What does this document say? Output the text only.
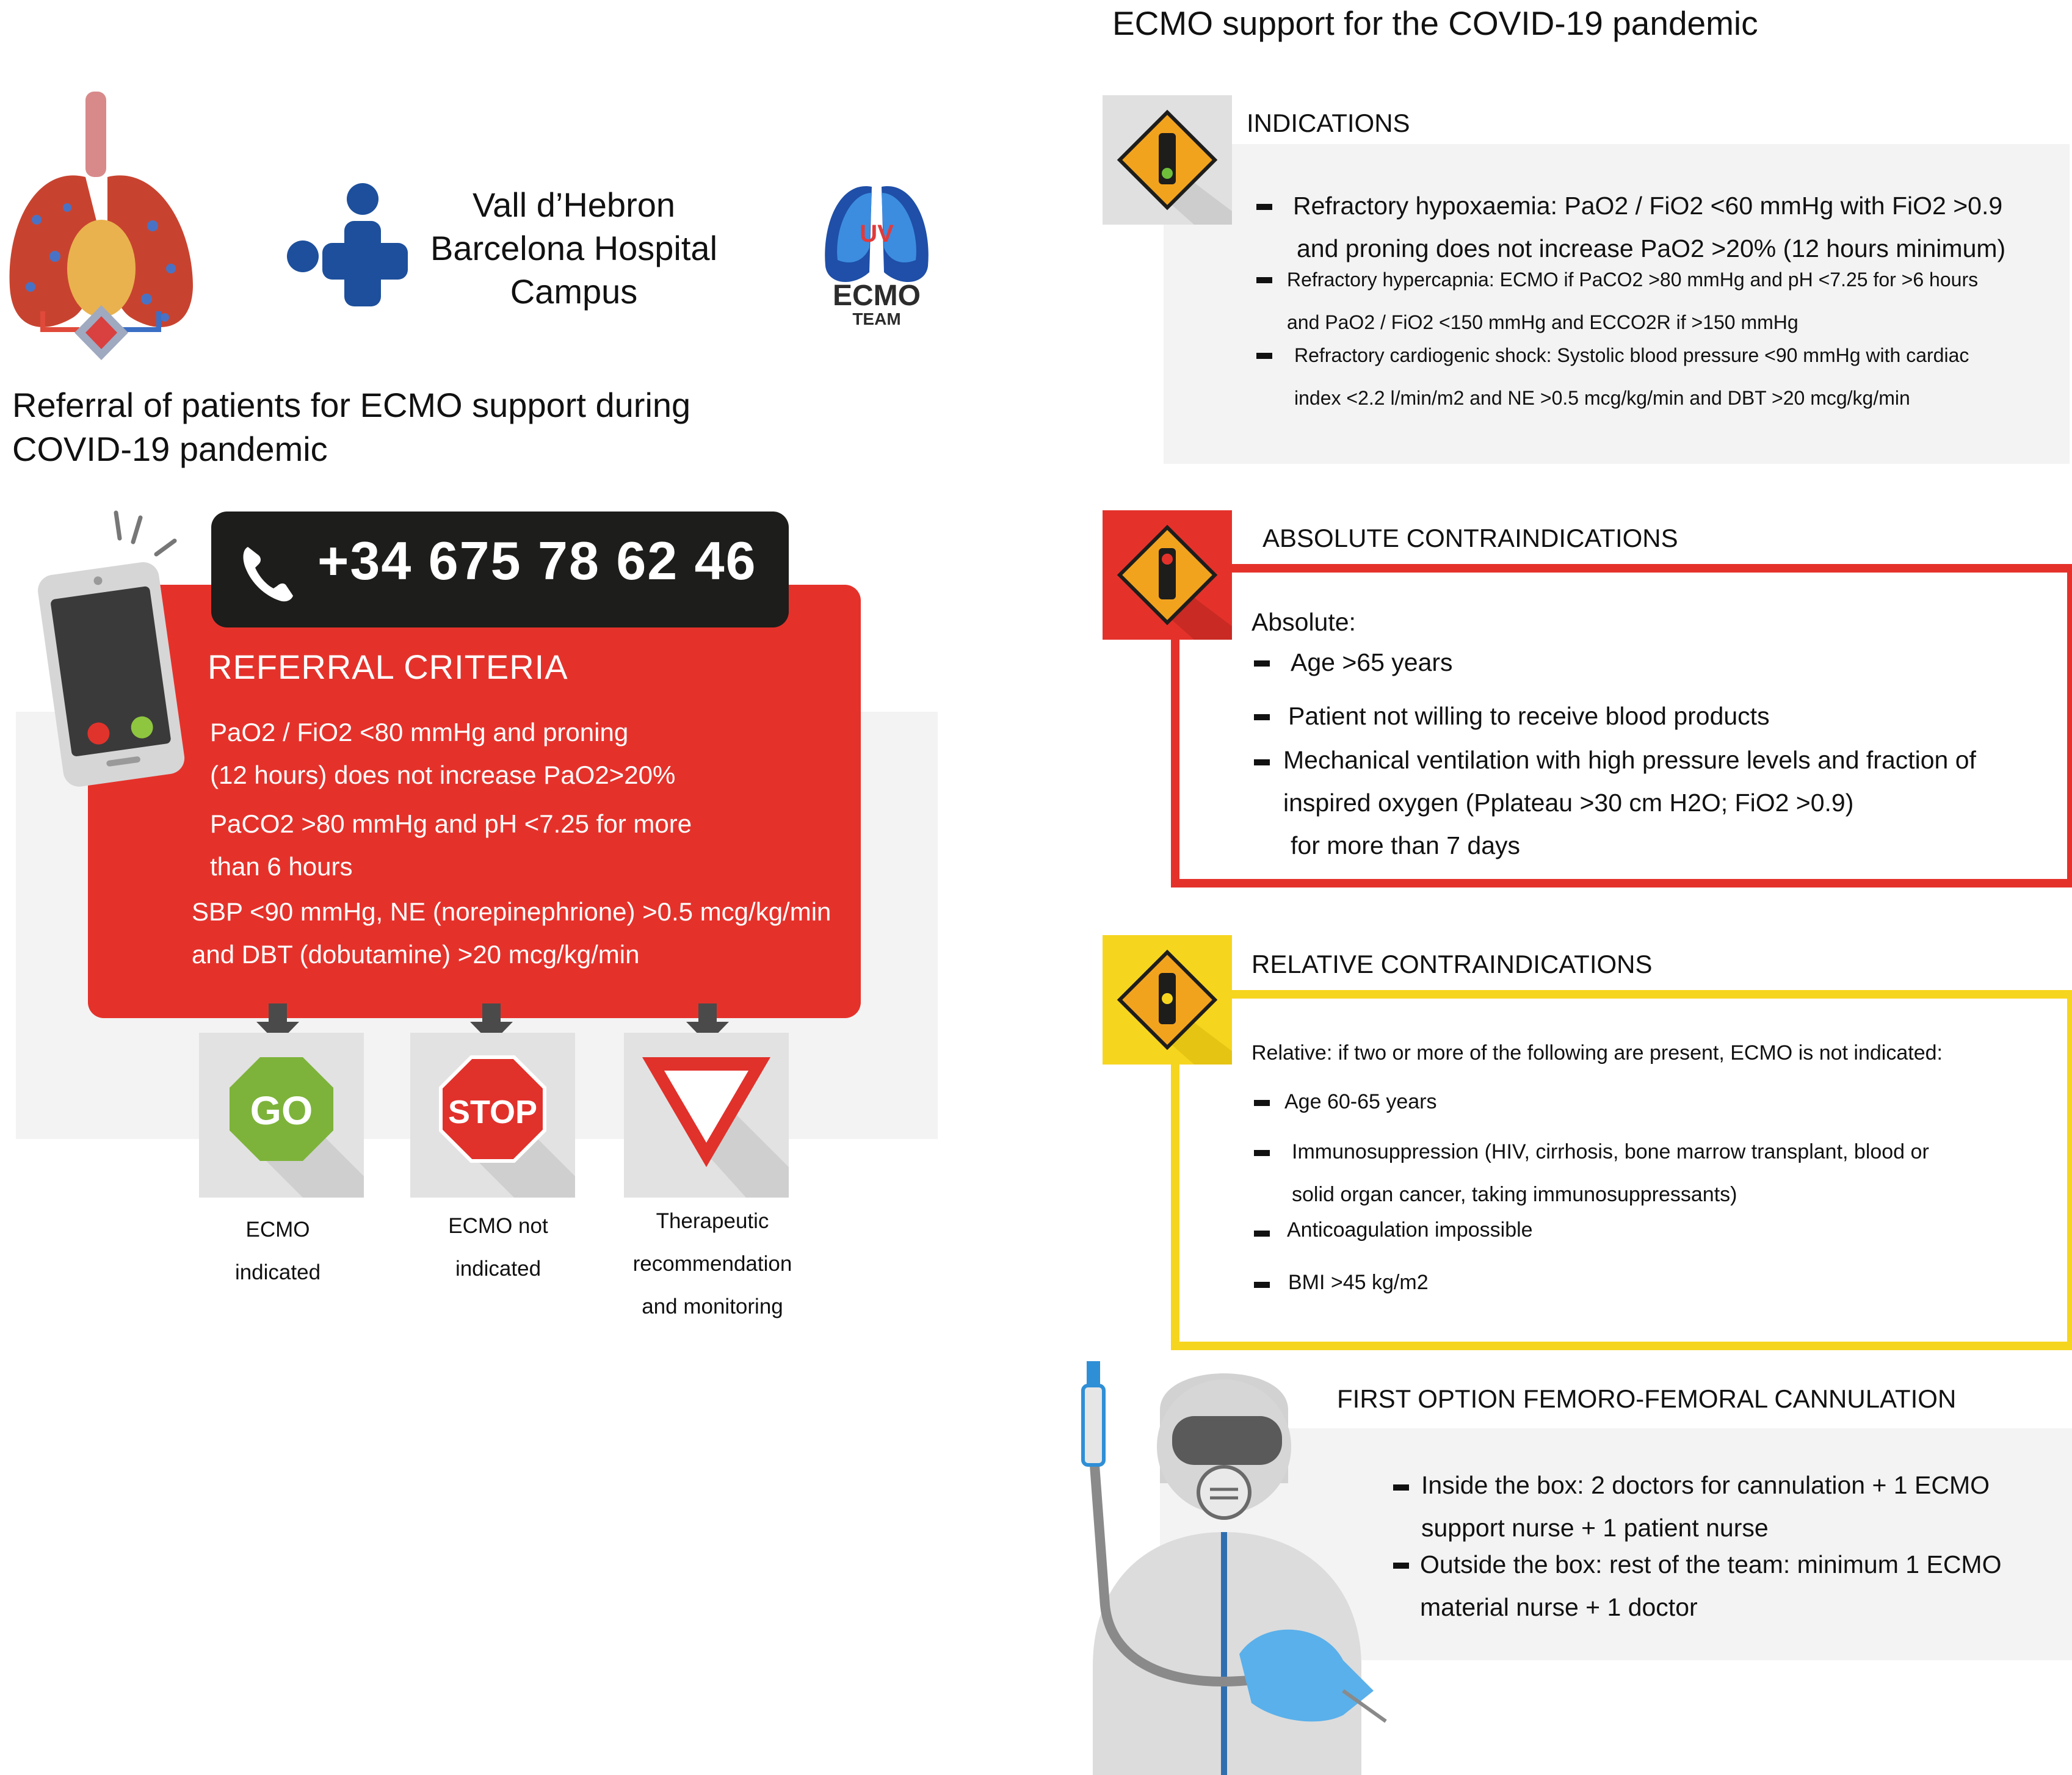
Vall d’Hebron
Barcelona Hospital
Campus
UV
ECMO
TEAM
Referral of patients for ECMO support during
COVID-19 pandemic
+34 675 78 62 46
REFERRAL CRITERIA
PaO2 / FiO2 <80 mmHg and proning
(12 hours) does not increase PaO2>20%
PaCO2 >80 mmHg and pH <7.25 for more
than 6 hours
SBP <90 mmHg, NE (norepinephrione) >0.5 mcg/kg/min
and DBT (dobutamine) >20 mcg/kg/min
GO	STOP
ECMO
indicated
ECMO not
indicated
Therapeutic
recommendation
and monitoring
ECMO support for the COVID-19 pandemic
INDICATIONS
Refractory hypoxaemia: PaO2 / FiO2 <60 mmHg with FiO2 >0.9
and proning does not increase PaO2 >20% (12 hours minimum)
Refractory hypercapnia: ECMO if PaCO2 >80 mmHg and pH <7.25 for >6 hours
and PaO2 / FiO2 <150 mmHg and ECCO2R if >150 mmHg
Refractory cardiogenic shock: Systolic blood pressure <90 mmHg with cardiac
index <2.2 l/min/m2 and NE >0.5 mcg/kg/min and DBT >20 mcg/kg/min
ABSOLUTE CONTRAINDICATIONS
Absolute:
Age >65 years
Patient not willing to receive blood products
Mechanical ventilation with high pressure levels and fraction of
inspired oxygen (Pplateau >30 cm H2O; FiO2 >0.9)
for more than 7 days
RELATIVE CONTRAINDICATIONS
Relative: if two or more of the following are present, ECMO is not indicated:
Age 60-65 years
Immunosuppression (HIV, cirrhosis, bone marrow transplant, blood or
solid organ cancer, taking immunosuppressants)
Anticoagulation impossible
BMI >45 kg/m2
FIRST OPTION FEMORO-FEMORAL CANNULATION
Inside the box: 2 doctors for cannulation + 1 ECMO
support nurse + 1 patient nurse
Outside the box: rest of the team: minimum 1 ECMO
material nurse + 1 doctor
